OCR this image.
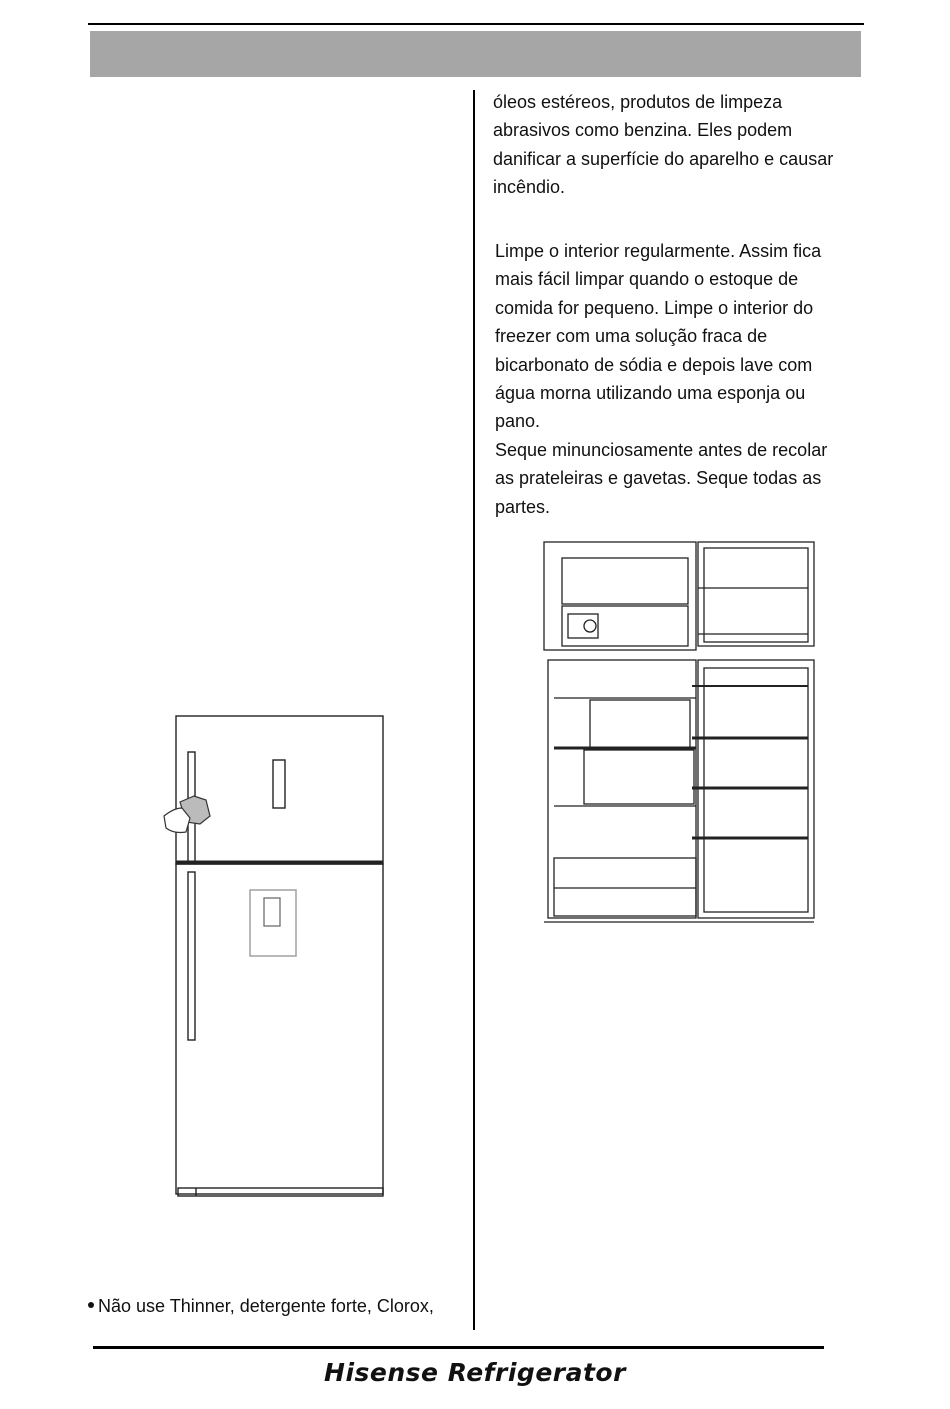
óleos estéreos, produtos de limpeza

abrasivos como benzina. Eles podem

danificar a superfície do aparelho e causar

incêndio.

Limpe o interior regularmente. Assim fica

mais fácil limpar quando o estoque de

comida for pequeno. Limpe o interior do

freezer com uma solução fraca de

bicarbonato de sódia e depois lave com

água morna utilizando uma esponja ou

pano.

Seque minunciosamente antes de recolar

as prateleiras e gavetas. Seque todas as

partes.

Não use Thinner, detergente forte, Clorox,
Hisense Refrigerator
